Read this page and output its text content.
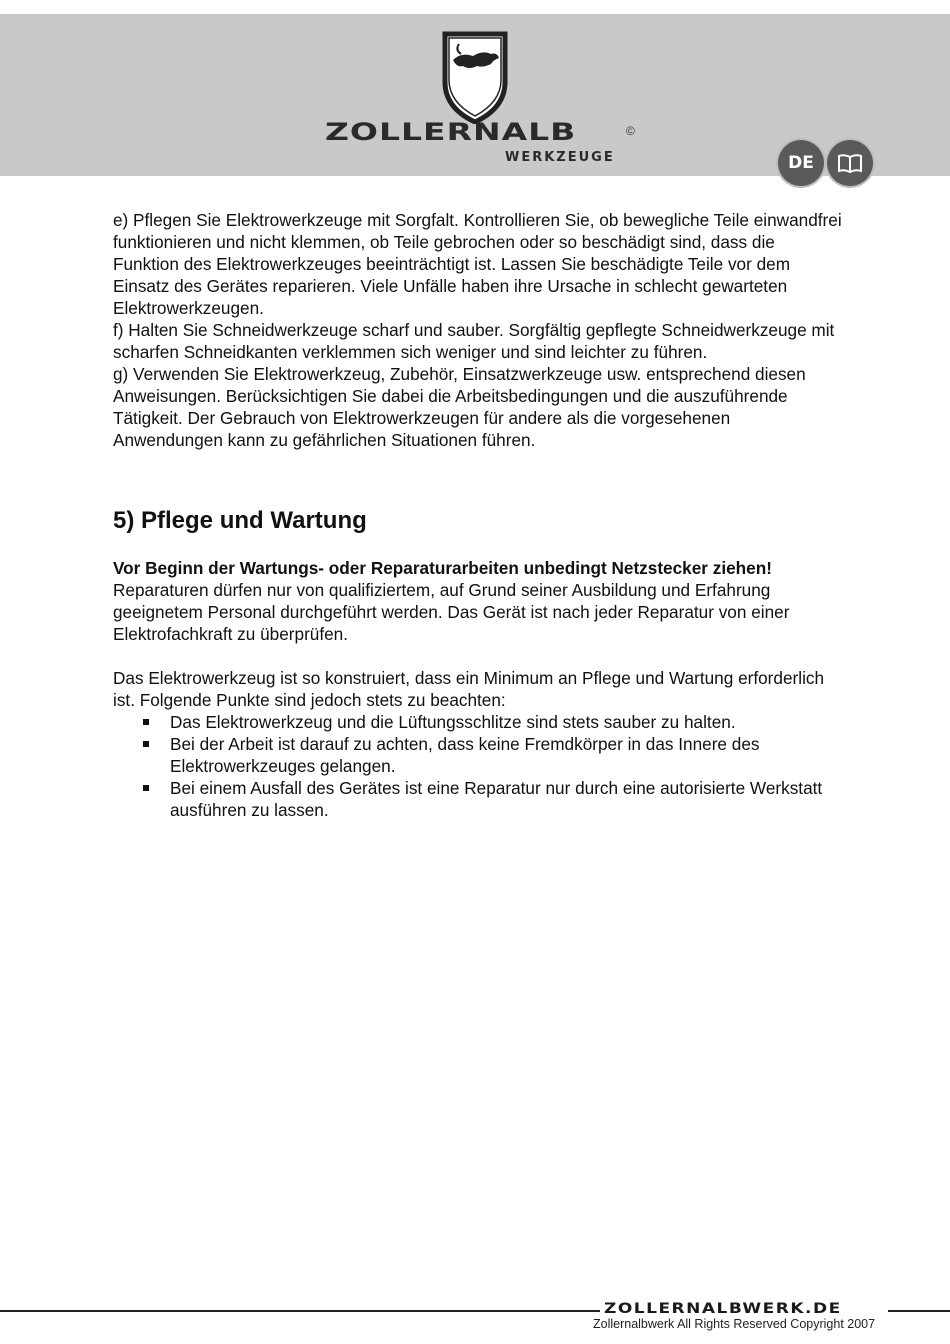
ZOLLERNALB	©
WERKZEUGE	DE

e) Pflegen Sie Elektrowerkzeuge mit Sorgfalt. Kontrollieren Sie, ob bewegliche Teile einwandfrei funktionieren und nicht klemmen, ob Teile gebrochen oder so beschädigt sind, dass die Funktion des Elektrowerkzeuges beeinträchtigt ist. Lassen Sie beschädigte Teile vor dem Einsatz des Gerätes reparieren. Viele Unfälle haben ihre Ursache in schlecht gewarteten Elektrowerkzeugen.

f) Halten Sie Schneidwerkzeuge scharf und sauber. Sorgfältig gepflegte Schneidwerkzeuge mit scharfen Schneidkanten verklemmen sich weniger und sind leichter zu führen.

g) Verwenden Sie Elektrowerkzeug, Zubehör, Einsatzwerkzeuge usw. entsprechend diesen Anweisungen. Berücksichtigen Sie dabei die Arbeitsbedingungen und die auszuführende Tätigkeit. Der Gebrauch von Elektrowerkzeugen für andere als die vorgesehenen Anwendungen kann zu gefährlichen Situationen führen.

5) Pflege und Wartung

Vor Beginn der Wartungs- oder Reparaturarbeiten unbedingt Netzstecker ziehen!

Reparaturen dürfen nur von qualifiziertem, auf Grund seiner Ausbildung und Erfahrung geeignetem Personal durchgeführt werden. Das Gerät ist nach jeder Reparatur von einer Elektrofachkraft zu überprüfen.

Das Elektrowerkzeug ist so konstruiert, dass ein Minimum an Pflege und Wartung erforderlich ist. Folgende Punkte sind jedoch stets zu beachten:

Das Elektrowerkzeug und die Lüftungsschlitze sind stets sauber zu halten.
Bei der Arbeit ist darauf zu achten, dass keine Fremdkörper in das Innere des Elektrowerkzeuges gelangen.
Bei einem Ausfall des Gerätes ist eine Reparatur nur durch eine autorisierte Werkstatt ausführen zu lassen.
ZOLLERNALBWERK.DE
Zollernalbwerk All Rights Reserved Copyright 2007
